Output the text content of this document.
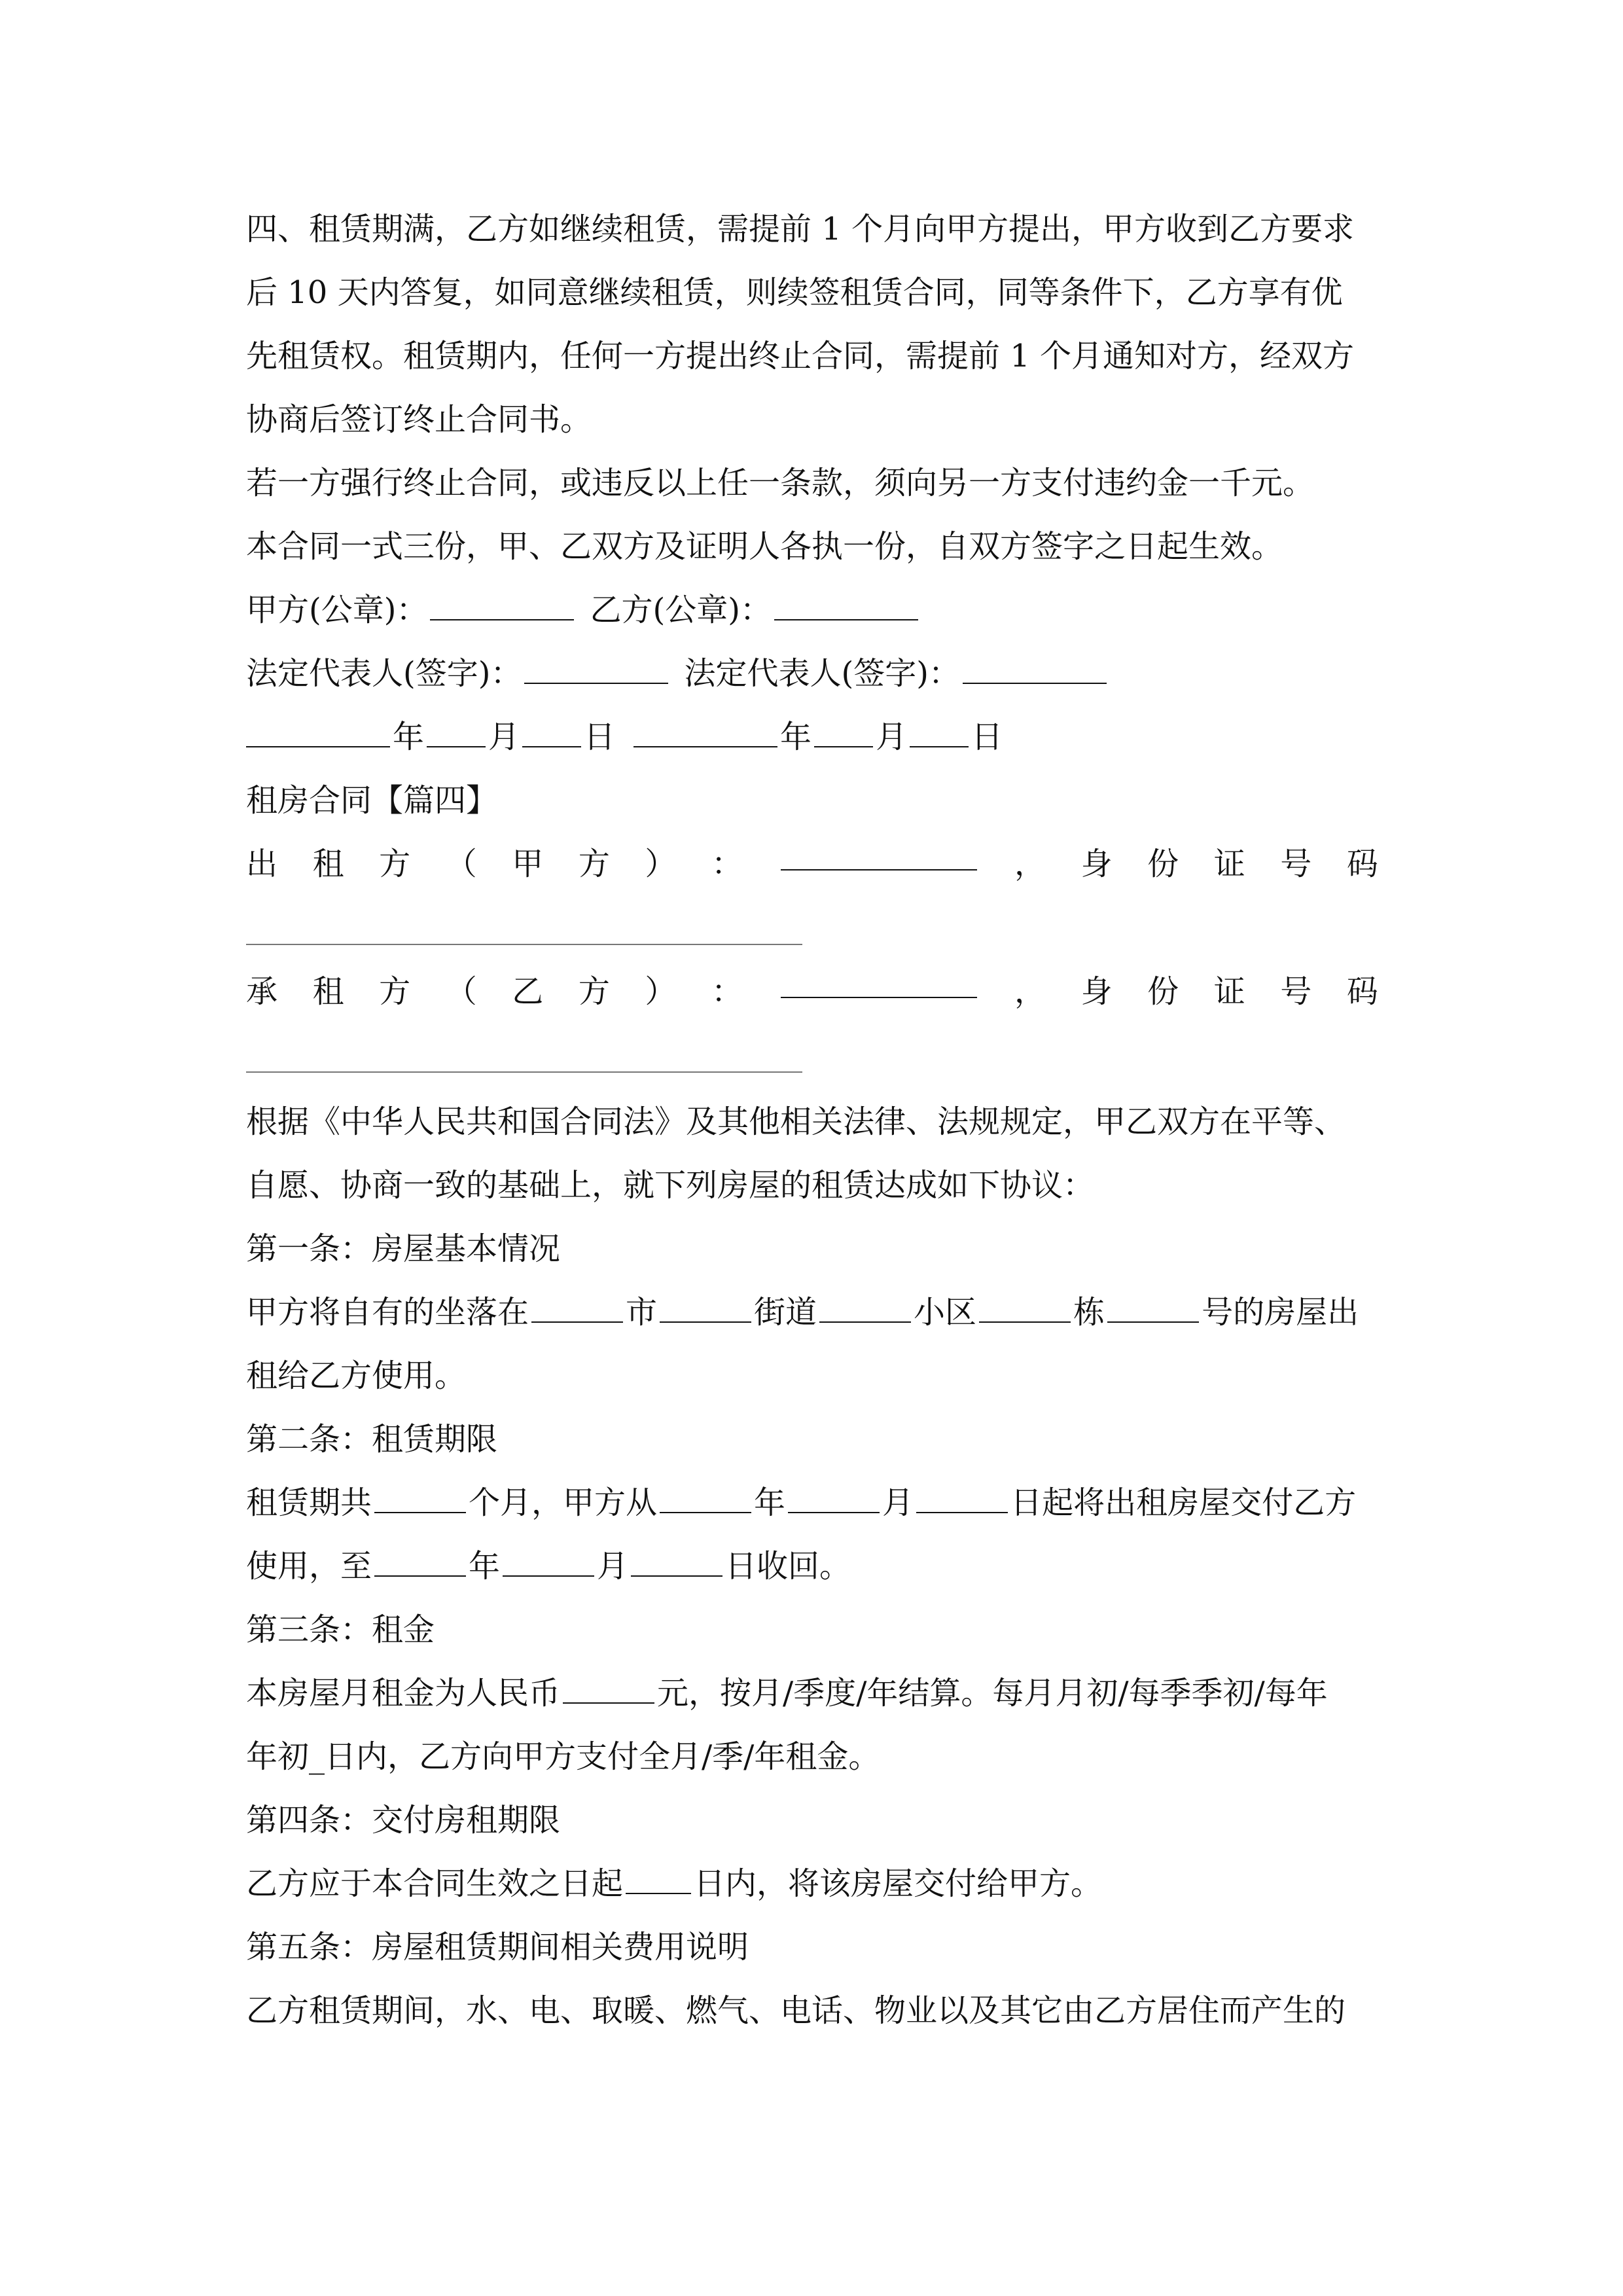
四、租赁期满，乙方如继续租赁，需提前 1 个月向甲方提出，甲方收到乙方要求
后 10 天内答复，如同意继续租赁，则续签租赁合同，同等条件下，乙方享有优
先租赁权。租赁期内，任何一方提出终止合同，需提前 1 个月通知对方，经双方
协商后签订终止合同书。
若一方强行终止合同，或违反以上任一条款，须向另一方支付违约金一千元。
本合同一式三份，甲、乙双方及证明人各执一份，自双方签字之日起生效。
甲方(公章)：	乙方(公章)：
法定代表人(签字)：	法定代表人(签字)：
年 月 日	年 月 日
租房合同【篇四】
出 租 方 （ 甲 方 ） ：	， 身 份 证 号 码
承 租 方 （ 乙 方 ） ：	， 身 份 证 号 码
根据《中华人民共和国合同法》及其他相关法律、法规规定，甲乙双方在平等、
自愿、协商一致的基础上，就下列房屋的租赁达成如下协议：
第一条：房屋基本情况
甲方将自有的坐落在	市	街道	小区	栋	号的房屋出
租给乙方使用。
第二条：租赁期限
租赁期共	个月，甲方从	年	月	日起将出租房屋交付乙方
使用，至	年	月	日收回。
第三条：租金
本房屋月租金为人民币	元，按月/季度/年结算。每月月初/每季季初/每年
年初_日内，乙方向甲方支付全月/季/年租金。
第四条：交付房租期限
乙方应于本合同生效之日起 日内，将该房屋交付给甲方。
第五条：房屋租赁期间相关费用说明
乙方租赁期间，水、电、取暖、燃气、电话、物业以及其它由乙方居住而产生的
